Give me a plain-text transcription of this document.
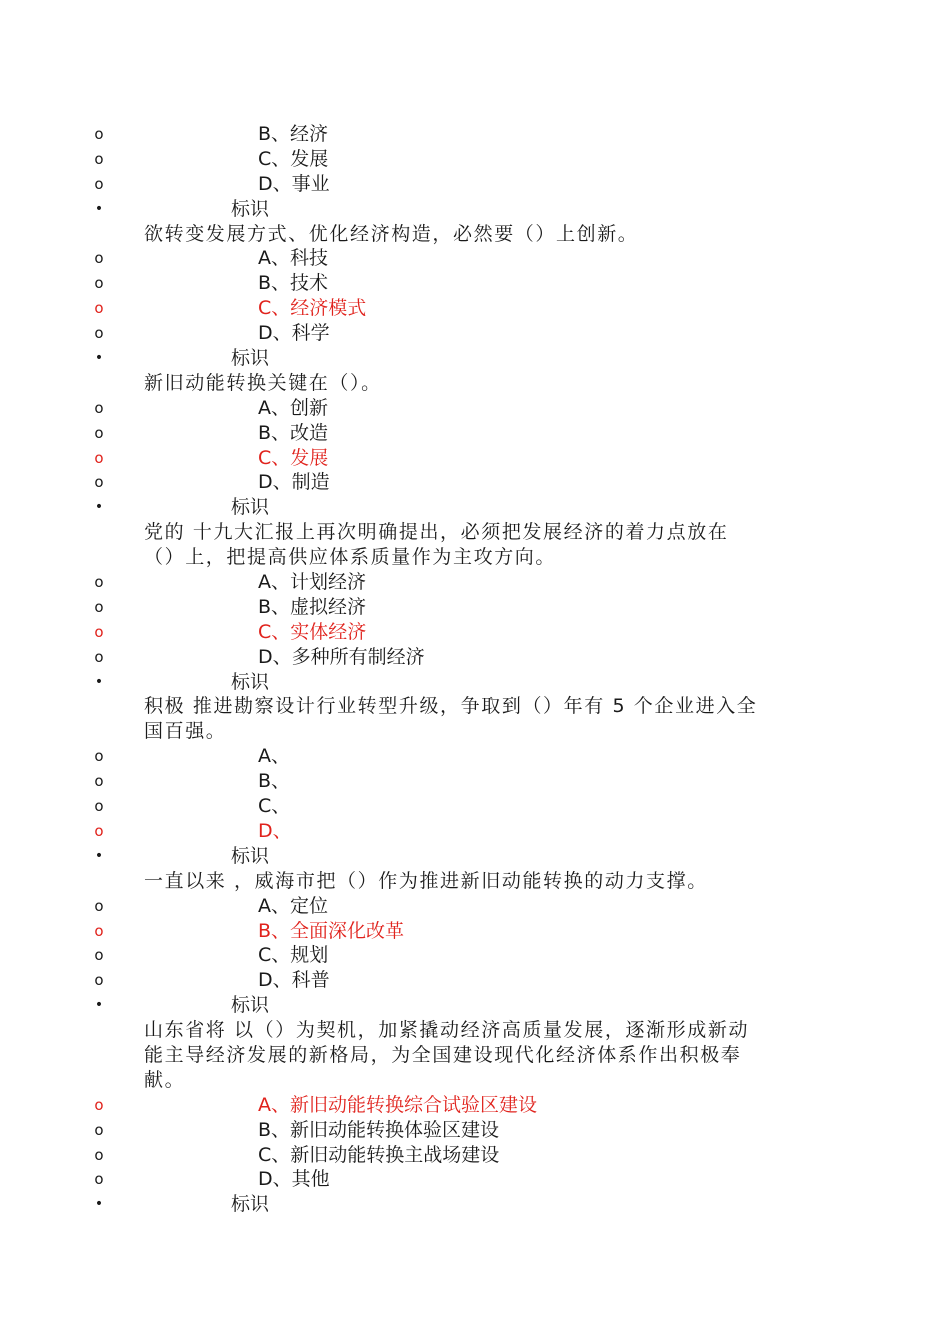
o	B、经济
o	C、发展
o	D、事业
•	标识
欲转变发展方式、优化经济构造，必然要（）上创新。
o	A、科技
o	B、技术
o	C、经济模式
o	D、科学
•	标识
新旧动能转换关键在（）。
o	A、创新
o	B、改造
o	C、发展
o	D、制造
•	标识
党的 十九大汇报上再次明确提出，必须把发展经济的着力点放在
（）上，把提高供应体系质量作为主攻方向。
o	A、计划经济
o	B、虚拟经济
o	C、实体经济
o	D、多种所有制经济
•	标识
积极 推进勘察设计行业转型升级，争取到（）年有 5 个企业进入全
国百强。
o	A、
o	B、
o	C、
o	D、
•	标识
一直以来 ，威海市把（）作为推进新旧动能转换的动力支撑。
o	A、定位
o	B、全面深化改革
o	C、规划
o	D、科普
•	标识
山东省将 以（）为契机，加紧撬动经济高质量发展，逐渐形成新动
能主导经济发展的新格局，为全国建设现代化经济体系作出积极奉
献。
o	A、新旧动能转换综合试验区建设
o	B、新旧动能转换体验区建设
o	C、新旧动能转换主战场建设
o	D、其他
•	标识
